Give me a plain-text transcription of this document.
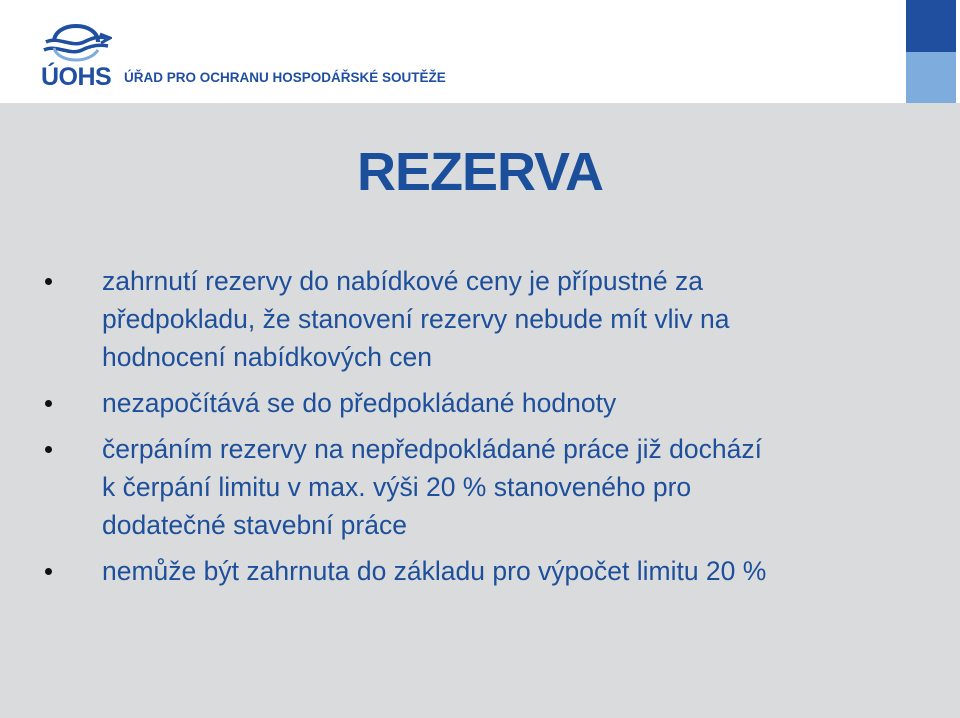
ÚOHS ÚŘAD PRO OCHRANU HOSPODÁŘSKÉ SOUTĚŽE
REZERVA
zahrnutí rezervy do nabídkové ceny je přípustné za
předpokladu, že stanovení rezervy nebude mít vliv na
hodnocení nabídkových cen
nezapočítává se do předpokládané hodnoty
čerpáním rezervy na nepředpokládané práce již dochází
k čerpání limitu v max. výši 20 % stanoveného pro
dodatečné stavební práce
nemůže být zahrnuta do základu pro výpočet limitu 20 %
